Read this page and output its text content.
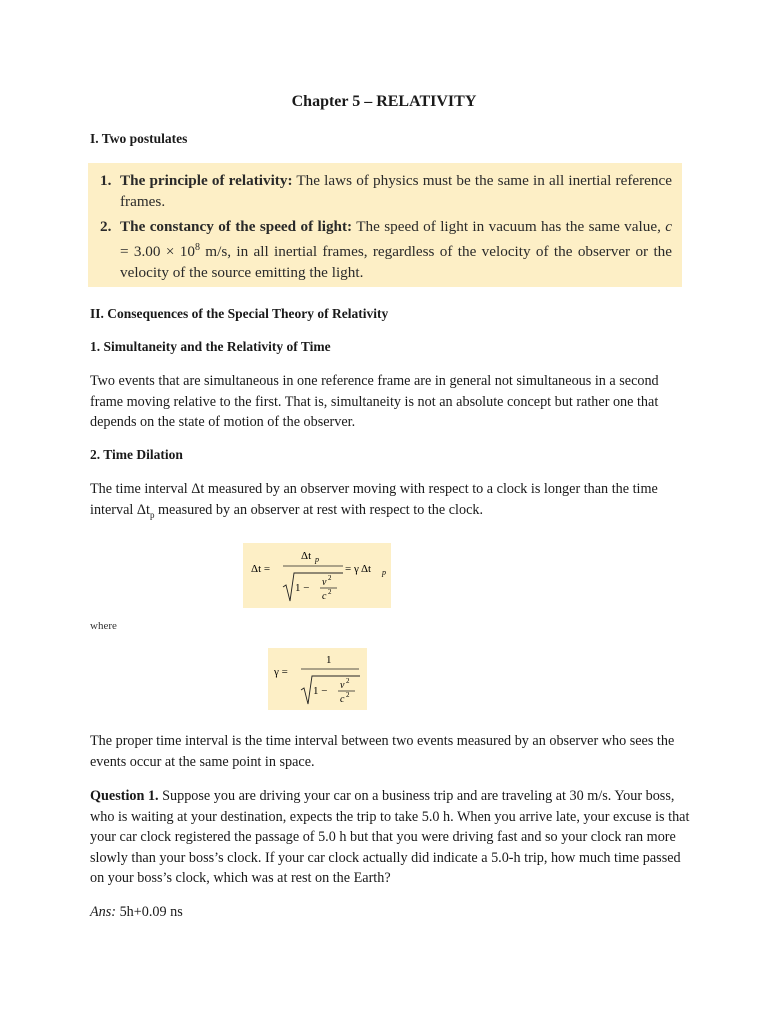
Chapter 5 – RELATIVITY
I. Two postulates
1. The principle of relativity: The laws of physics must be the same in all inertial reference frames.
2. The constancy of the speed of light: The speed of light in vacuum has the same value, $c = 3.00 \times 10^8$ m/s, in all inertial frames, regardless of the velocity of the observer or the velocity of the source emitting the light.
II. Consequences of the Special Theory of Relativity
1. Simultaneity and the Relativity of Time
Two events that are simultaneous in one reference frame are in general not simultaneous in a second frame moving relative to the first. That is, simultaneity is not an absolute concept but rather one that depends on the state of motion of the observer.
2. Time Dilation
The time interval Δt measured by an observer moving with respect to a clock is longer than the time interval $\Delta t_p$ measured by an observer at rest with respect to the clock.
Δt =
Δt p
1 − v 2
c 2
= γ Δt p
where
γ =
1
1 − v 2
c 2
The proper time interval is the time interval between two events measured by an observer who sees the events occur at the same point in space.
Question 1. Suppose you are driving your car on a business trip and are traveling at 30 m/s. Your boss, who is waiting at your destination, expects the trip to take 5.0 h. When you arrive late, your excuse is that your car clock registered the passage of 5.0 h but that you were driving fast and so your clock ran more slowly than your boss’s clock. If your car clock actually did indicate a 5.0-h trip, how much time passed on your boss’s clock, which was at rest on the Earth?
Ans: 5h+0.09 ns
